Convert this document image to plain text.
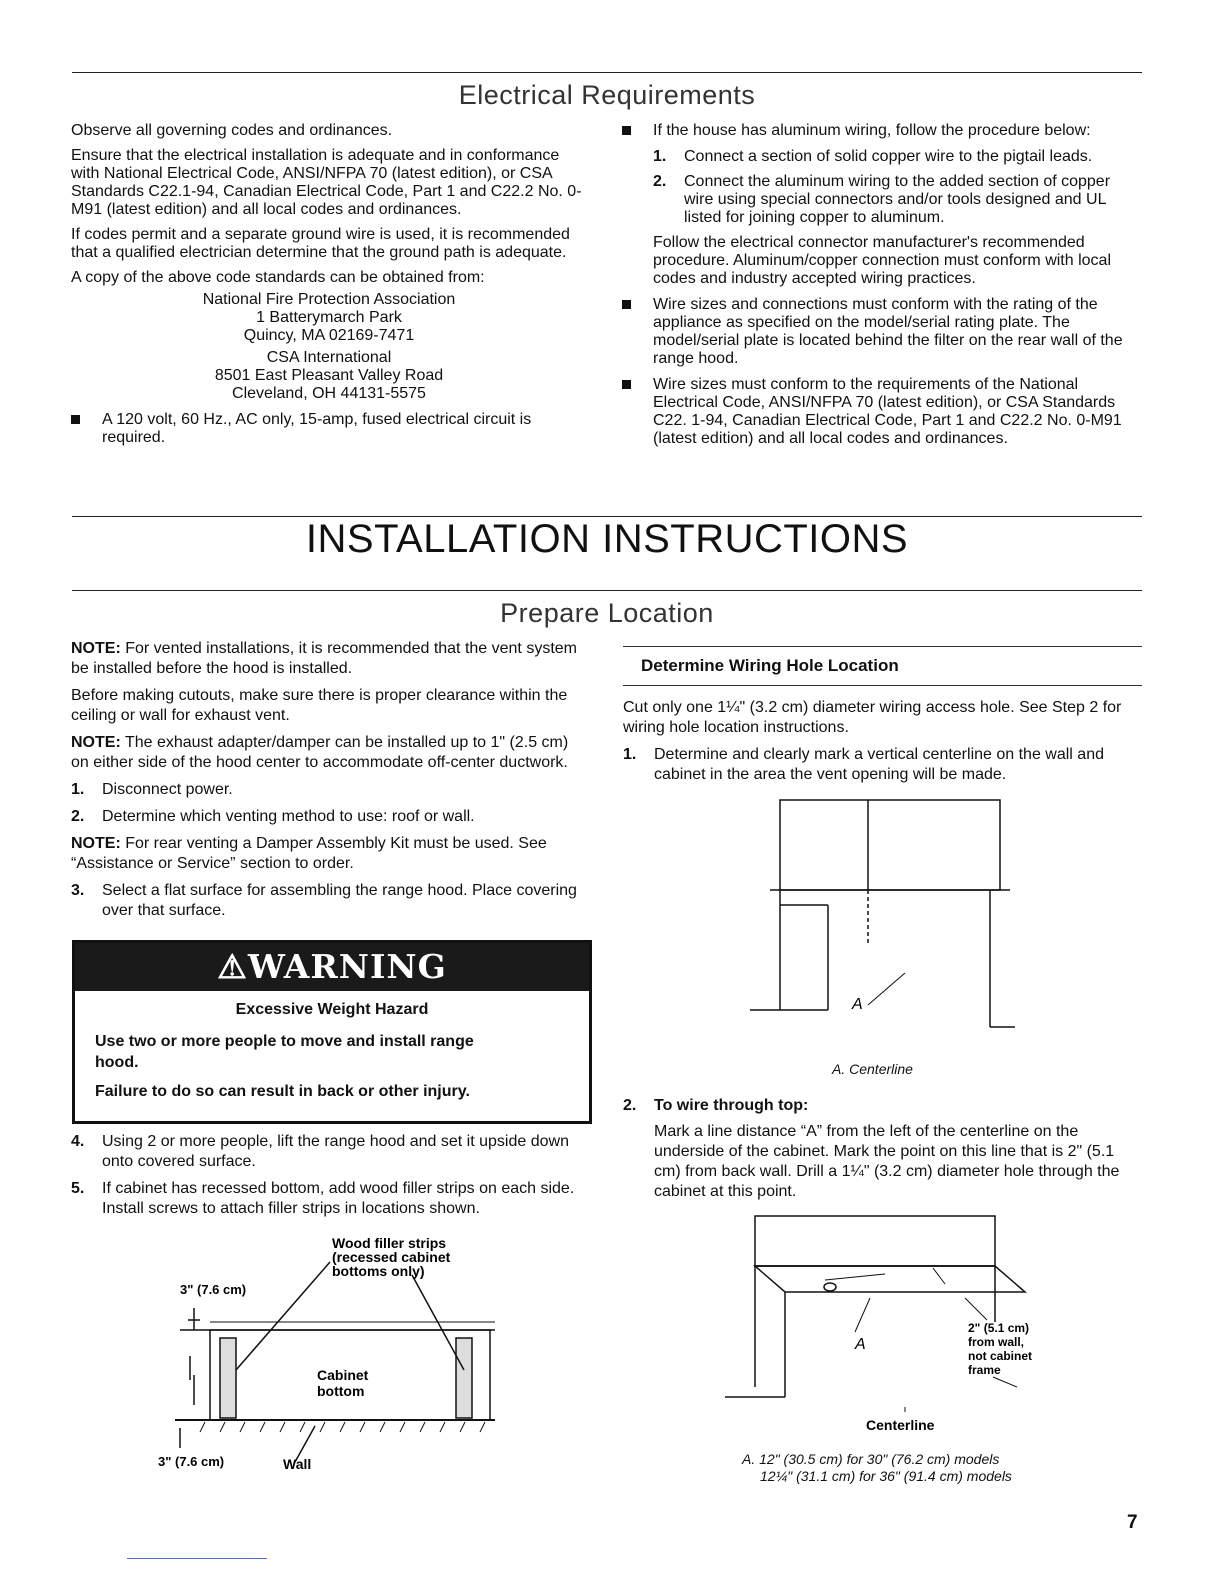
Electrical Requirements

Observe all governing codes and ordinances.

Ensure that the electrical installation is adequate and in conformance with National Electrical Code, ANSI/NFPA 70 (latest edition), or CSA Standards C22.1-94, Canadian Electrical Code, Part 1 and C22.2 No. 0-M91 (latest edition) and all local codes and ordinances.

If codes permit and a separate ground wire is used, it is recommended that a qualified electrician determine that the ground path is adequate.

A copy of the above code standards can be obtained from:

National Fire Protection Association
1 Batterymarch Park
Quincy, MA 02169-7471
CSA International
8501 East Pleasant Valley Road
Cleveland, OH 44131-5575
A 120 volt, 60 Hz., AC only, 15-amp, fused electrical circuit is required.
If the house has aluminum wiring, follow the procedure below:
1. Connect a section of solid copper wire to the pigtail leads.
2. Connect the aluminum wiring to the added section of copper wire using special connectors and/or tools designed and UL listed for joining copper to aluminum.

Follow the electrical connector manufacturer's recommended procedure. Aluminum/copper connection must conform with local codes and industry accepted wiring practices.

Wire sizes and connections must conform with the rating of the appliance as specified on the model/serial rating plate. The model/serial plate is located behind the filter on the rear wall of the range hood.
Wire sizes must conform to the requirements of the National Electrical Code, ANSI/NFPA 70 (latest edition), or CSA Standards C22. 1-94, Canadian Electrical Code, Part 1 and C22.2 No. 0-M91 (latest edition) and all local codes and ordinances.
INSTALLATION INSTRUCTIONS
Prepare Location

NOTE: For vented installations, it is recommended that the vent system be installed before the hood is installed.

Before making cutouts, make sure there is proper clearance within the ceiling or wall for exhaust vent.

NOTE: The exhaust adapter/damper can be installed up to 1" (2.5 cm) on either side of the hood center to accommodate off-center ductwork.

1. Disconnect power.
2. Determine which venting method to use: roof or wall.

NOTE: For rear venting a Damper Assembly Kit must be used. See “Assistance or Service” section to order.

3. Select a flat surface for assembling the range hood. Place covering over that surface.
⚠WARNING
Excessive Weight Hazard
Use two or more people to move and install range hood.
Failure to do so can result in back or other injury.
4. Using 2 or more people, lift the range hood and set it upside down onto covered surface.
5. If cabinet has recessed bottom, add wood filler strips on each side. Install screws to attach filler strips in locations shown.
Wood filler strips
(recessed cabinet
bottoms only)
3" (7.6 cm)
Cabinet
bottom
3" (7.6 cm)	Wall
Determine Wiring Hole Location

Cut only one 1¼" (3.2 cm) diameter wiring access hole. See Step 2 for wiring hole location instructions.

1. Determine and clearly mark a vertical centerline on the wall and cabinet in the area the vent opening will be made.
A
A. Centerline
2. To wire through top:

Mark a line distance “A” from the left of the centerline on the underside of the cabinet. Mark the point on this line that is 2" (5.1 cm) from back wall. Drill a 1¼" (3.2 cm) diameter hole through the cabinet at this point.

A
2" (5.1 cm)
from wall,
not cabinet
frame
Centerline
A. 12" (30.5 cm) for 30" (76.2 cm) models
12¼" (31.1 cm) for 36" (91.4 cm) models
7
